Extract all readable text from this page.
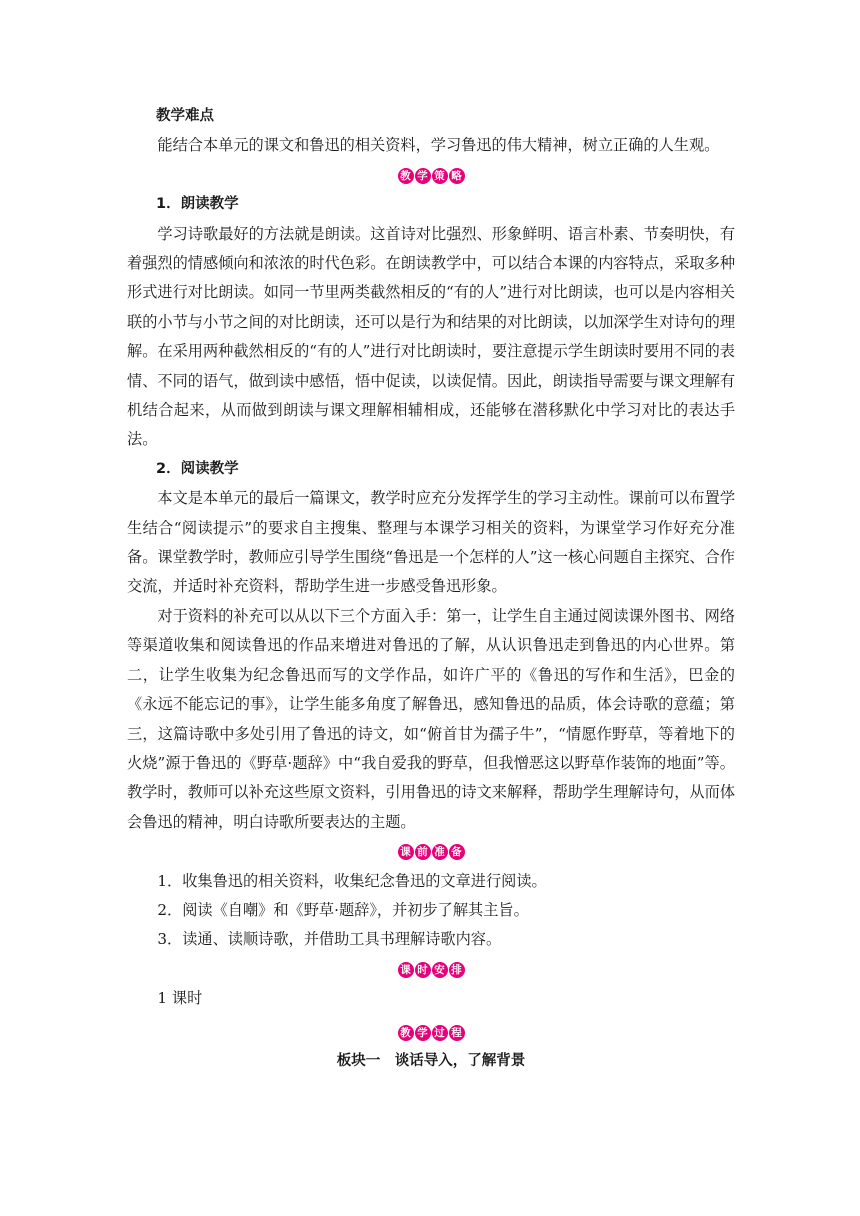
教学难点

能结合本单元的课文和鲁迅的相关资料，学习鲁迅的伟大精神，树立正确的人生观。

教 学 策 略

1．朗读教学

学习诗歌最好的方法就是朗读。这首诗对比强烈、形象鲜明、语言朴素、节奏明快，有着强烈的情感倾向和浓浓的时代色彩。在朗读教学中，可以结合本课的内容特点，采取多种形式进行对比朗读。如同一节里两类截然相反的“有的人”进行对比朗读，也可以是内容相关联的小节与小节之间的对比朗读，还可以是行为和结果的对比朗读，以加深学生对诗句的理解。在采用两种截然相反的“有的人”进行对比朗读时，要注意提示学生朗读时要用不同的表情、不同的语气，做到读中感悟，悟中促读，以读促情。因此，朗读指导需要与课文理解有机结合起来，从而做到朗读与课文理解相辅相成，还能够在潜移默化中学习对比的表达手法。

2．阅读教学

本文是本单元的最后一篇课文，教学时应充分发挥学生的学习主动性。课前可以布置学生结合“阅读提示”的要求自主搜集、整理与本课学习相关的资料，为课堂学习作好充分准备。课堂教学时，教师应引导学生围绕“鲁迅是一个怎样的人”这一核心问题自主探究、合作交流，并适时补充资料，帮助学生进一步感受鲁迅形象。

对于资料的补充可以从以下三个方面入手：第一，让学生自主通过阅读课外图书、网络等渠道收集和阅读鲁迅的作品来增进对鲁迅的了解，从认识鲁迅走到鲁迅的内心世界。第二，让学生收集为纪念鲁迅而写的文学作品，如许广平的《鲁迅的写作和生活》，巴金的《永远不能忘记的事》，让学生能多角度了解鲁迅，感知鲁迅的品质，体会诗歌的意蕴；第三，这篇诗歌中多处引用了鲁迅的诗文，如“俯首甘为孺子牛”，“情愿作野草，等着地下的火烧”源于鲁迅的《野草·题辞》中“我自爱我的野草，但我憎恶这以野草作装饰的地面”等。教学时，教师可以补充这些原文资料，引用鲁迅的诗文来解释，帮助学生理解诗句，从而体会鲁迅的精神，明白诗歌所要表达的主题。

课 前 准 备

1．收集鲁迅的相关资料，收集纪念鲁迅的文章进行阅读。

2．阅读《自嘲》和《野草·题辞》，并初步了解其主旨。

3．读通、读顺诗歌，并借助工具书理解诗歌内容。

课 时 安 排

1 课时

教 学 过 程

板块一　谈话导入，了解背景
